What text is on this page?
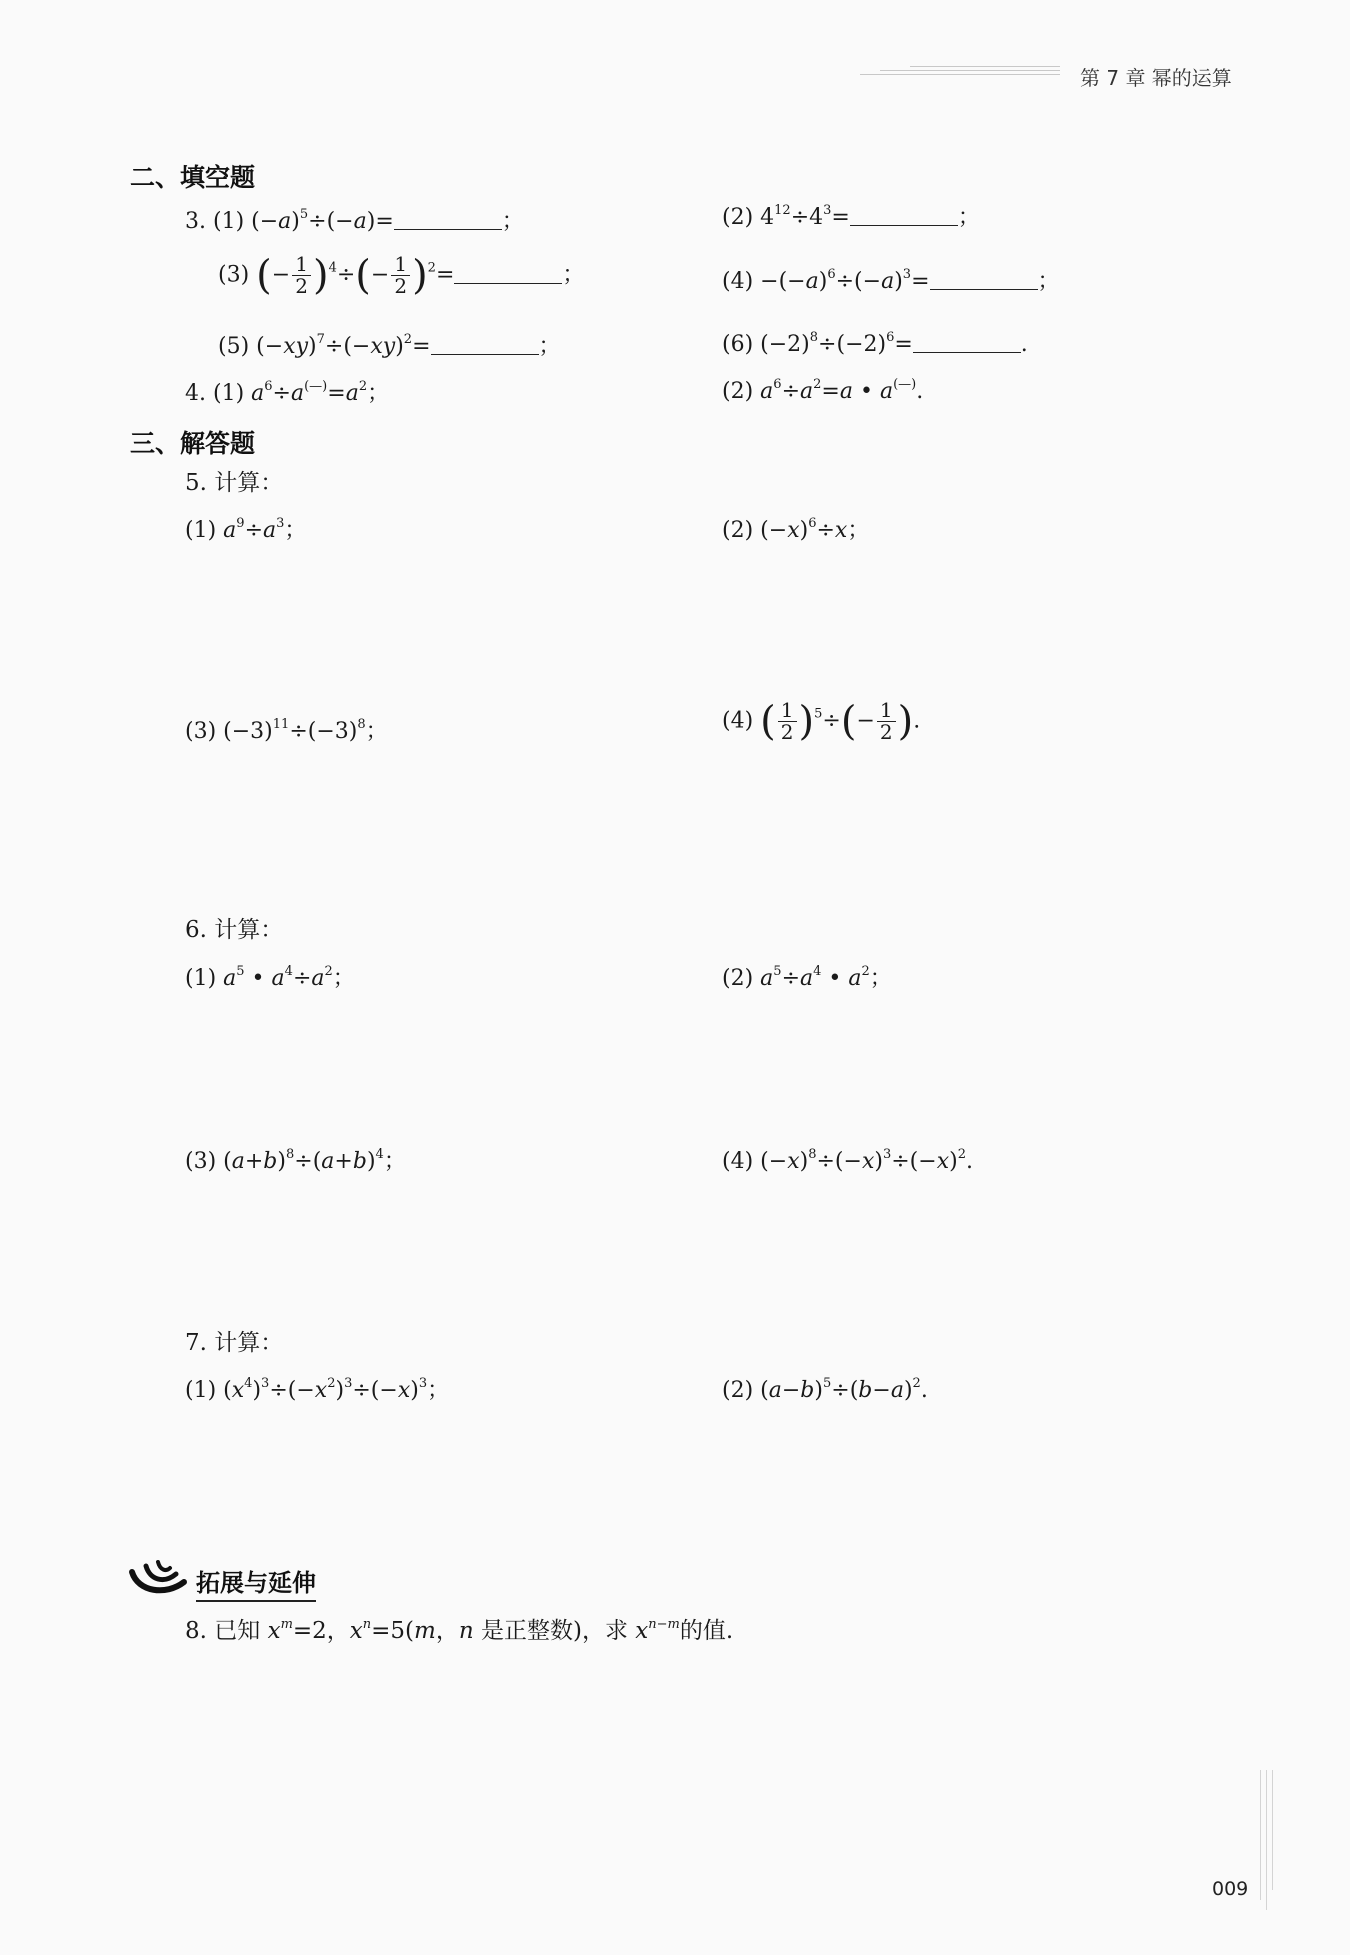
第 7 章 幂的运算
二、填空题
3. (1) $(-a)^5\div(-a)=$	；	(2) $4^{12}\div 4^3=$	；
(3) (− $\frac{1}{2} )^4\div(- \frac{1}{2} )^2=$	；	$(4) -(-a)^6\div(-a)^3=$	；
(5) $(-xy)^7\div(-xy)^2=$	；	(6) $(-2)^8\div(-2)^6=$	.
4. (1) $a^6\div a^{(—)}=a^2$；	(2) $a^6\div a^2=a$ • a(—).
三、解答题
5. 计算：
(1) $a^9\div a^3$；	(2) $(-x)^6\div x$；
(3) $(-3)^{11}\div(-3)^8$；	(4) ( $\frac{1}{2} )^5\div(- \frac{1}{2}$ ).
6. 计算：
(1) $a^5$ • $a^4\div a^2$；	(2) $a^5\div a^4$ • $a^2$；
(3) $(a+b)^8\div(a+b)^4$；	(4) $(-x)^8\div(-x)^3\div(-x)^2$.
7. 计算：
(1) $(x^4)^3\div(-x^2)^3\div(-x)^3$；	(2) $(a-b)^5\div(b-a)^2$.
拓展与延伸
8. 已知 $x^m=2$，$x^n=5(m$，n 是正整数)，求 $x^{n-m}$的值.
009
